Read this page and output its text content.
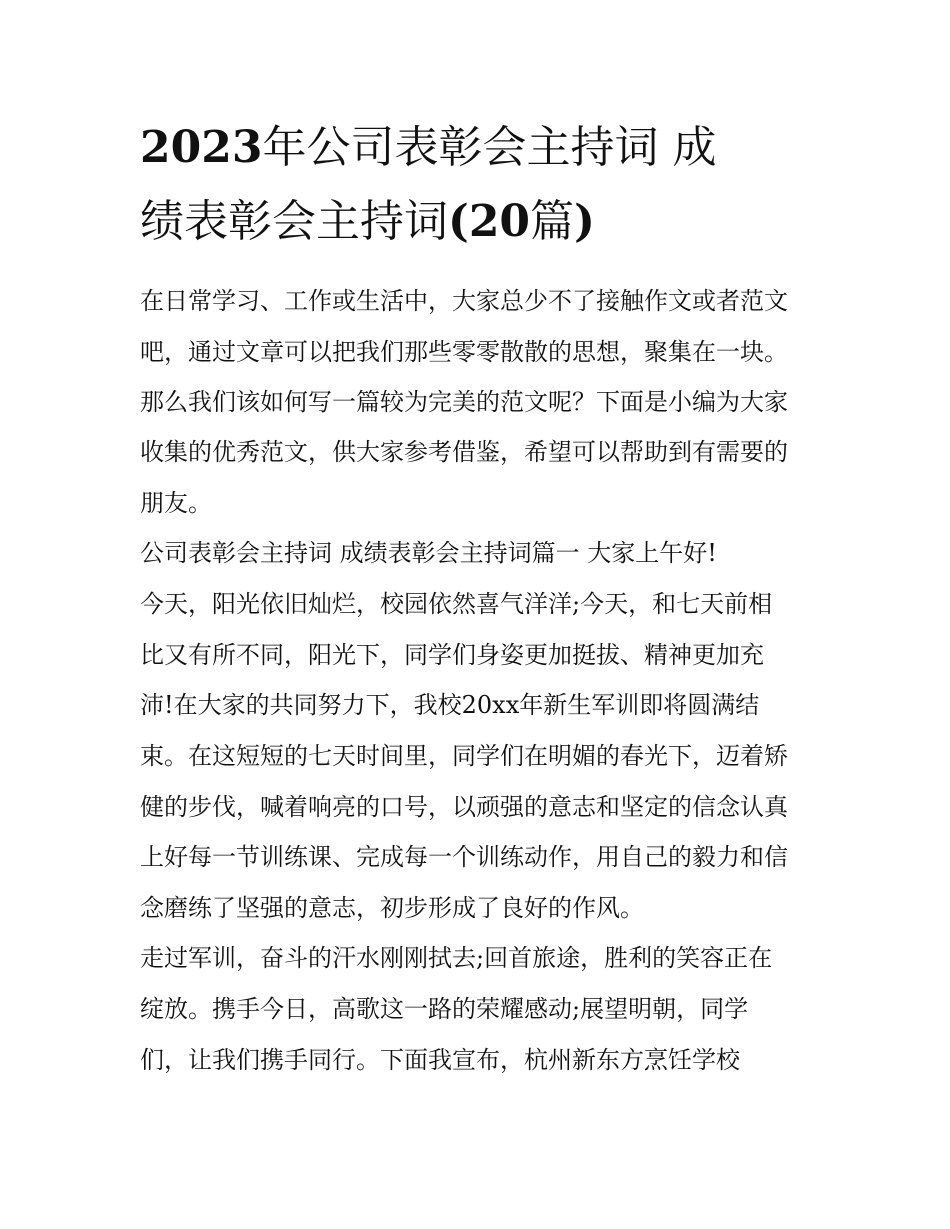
2023年公司表彰会主持词 成
绩表彰会主持词(20篇)

在日常学习、工作或生活中，大家总少不了接触作文或者范文

吧，通过文章可以把我们那些零零散散的思想，聚集在一块。

那么我们该如何写一篇较为完美的范文呢？下面是小编为大家

收集的优秀范文，供大家参考借鉴，希望可以帮助到有需要的

朋友。

公司表彰会主持词 成绩表彰会主持词篇一 大家上午好!

今天，阳光依旧灿烂，校园依然喜气洋洋;今天，和七天前相

比又有所不同，阳光下，同学们身姿更加挺拔、精神更加充

沛!在大家的共同努力下，我校20xx年新生军训即将圆满结

束。在这短短的七天时间里，同学们在明媚的春光下，迈着矫

健的步伐，喊着响亮的口号，以顽强的意志和坚定的信念认真

上好每一节训练课、完成每一个训练动作，用自己的毅力和信

念磨练了坚强的意志，初步形成了良好的作风。

走过军训，奋斗的汗水刚刚拭去;回首旅途，胜利的笑容正在

绽放。携手今日，高歌这一路的荣耀感动;展望明朝，同学

们，让我们携手同行。下面我宣布，杭州新东方烹饪学校
